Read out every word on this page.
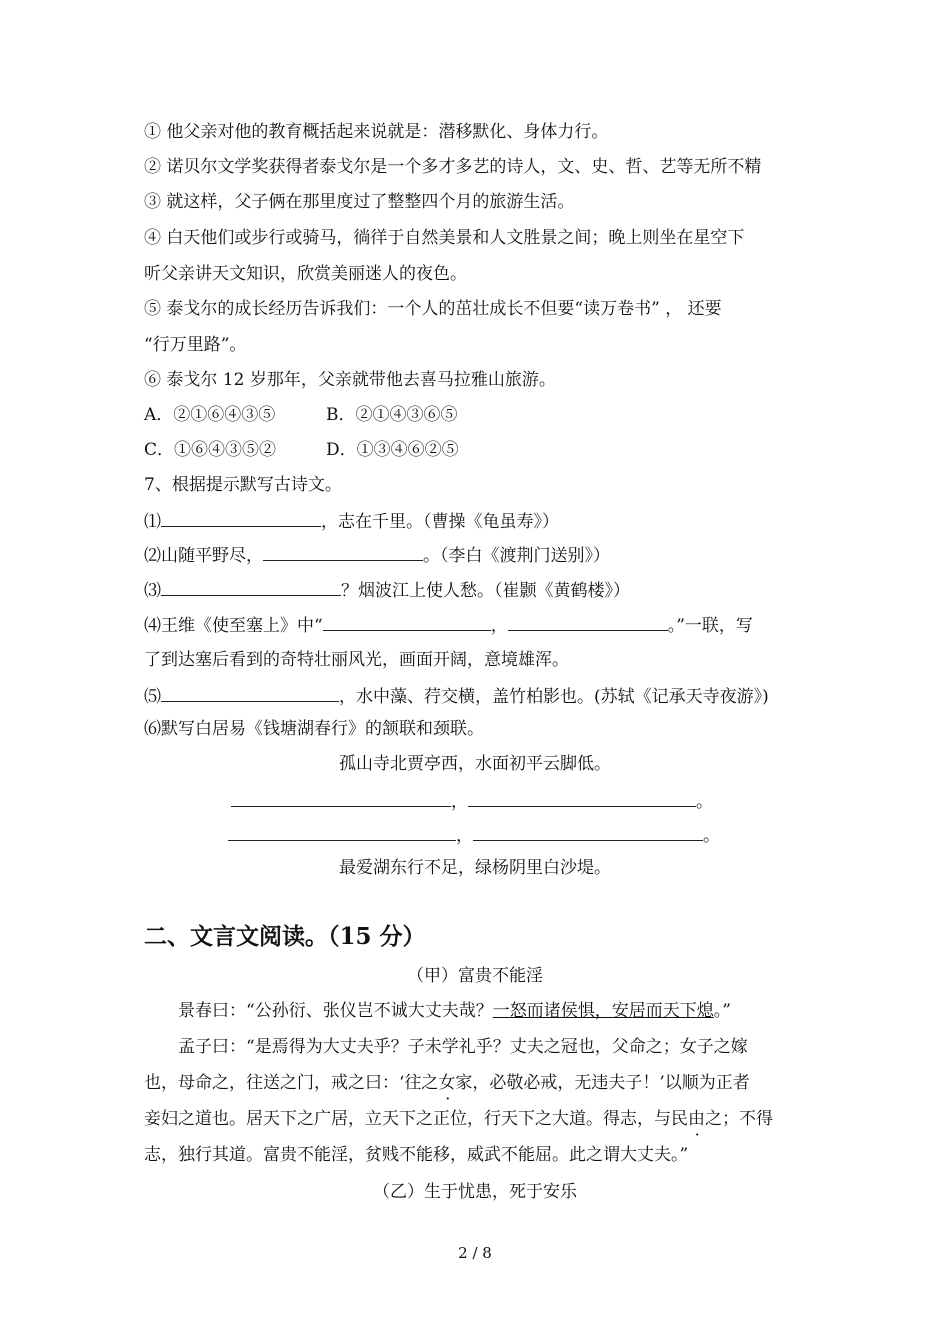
① 他父亲对他的教育概括起来说就是：潜移默化、身体力行。
② 诺贝尔文学奖获得者泰戈尔是一个多才多艺的诗人，文、史、哲、艺等无所不精
③ 就这样，父子俩在那里度过了整整四个月的旅游生活。
④ 白天他们或步行或骑马，徜徉于自然美景和人文胜景之间；晚上则坐在星空下
听父亲讲天文知识，欣赏美丽迷人的夜色。
⑤ 泰戈尔的成长经历告诉我们：一个人的茁壮成长不但要“读万卷书” ， 还要
“行万里路”。
⑥ 泰戈尔 12 岁那年，父亲就带他去喜马拉雅山旅游。
A．②①⑥④③⑤	B．②①④③⑥⑤
C．①⑥④③⑤②	D．①③④⑥②⑤
7、根据提示默写古诗文。
⑴	，志在千里。（曹操《龟虽寿》）
⑵山随平野尽，	。（李白《渡荆门送别》）
⑶	？烟波江上使人愁。（崔颢《黄鹤楼》）
⑷王维《使至塞上》中“	，	。”一联，写
了到达塞后看到的奇特壮丽风光，画面开阔，意境雄浑。
⑸	，水中藻、荇交横，盖竹柏影也。(苏轼《记承天寺夜游》)
⑹默写白居易《钱塘湖春行》的颔联和颈联。
孤山寺北贾亭西，水面初平云脚低。
，	。
，	。
最爱湖东行不足，绿杨阴里白沙堤。
二、文言文阅读。（15 分）
（甲）富贵不能淫
景春曰：“公孙衍、张仪岂不诚大丈夫哉？一怒而诸侯惧，安居而天下熄。”
孟子曰：“是焉得为大丈夫乎？子未学礼乎？丈夫之冠也，父命之；女子之嫁
也，母命之，往送之门，戒之曰：‘往之女家，必敬必戒，无违夫子！’以顺为正者
妾妇之道也。居天下之广居，立天下之正位，行天下之大道。得志，与民由之；不得
志，独行其道。富贵不能淫，贫贱不能移，威武不能屈。此之谓大丈夫。”
（乙）生于忧患，死于安乐
2 / 8
